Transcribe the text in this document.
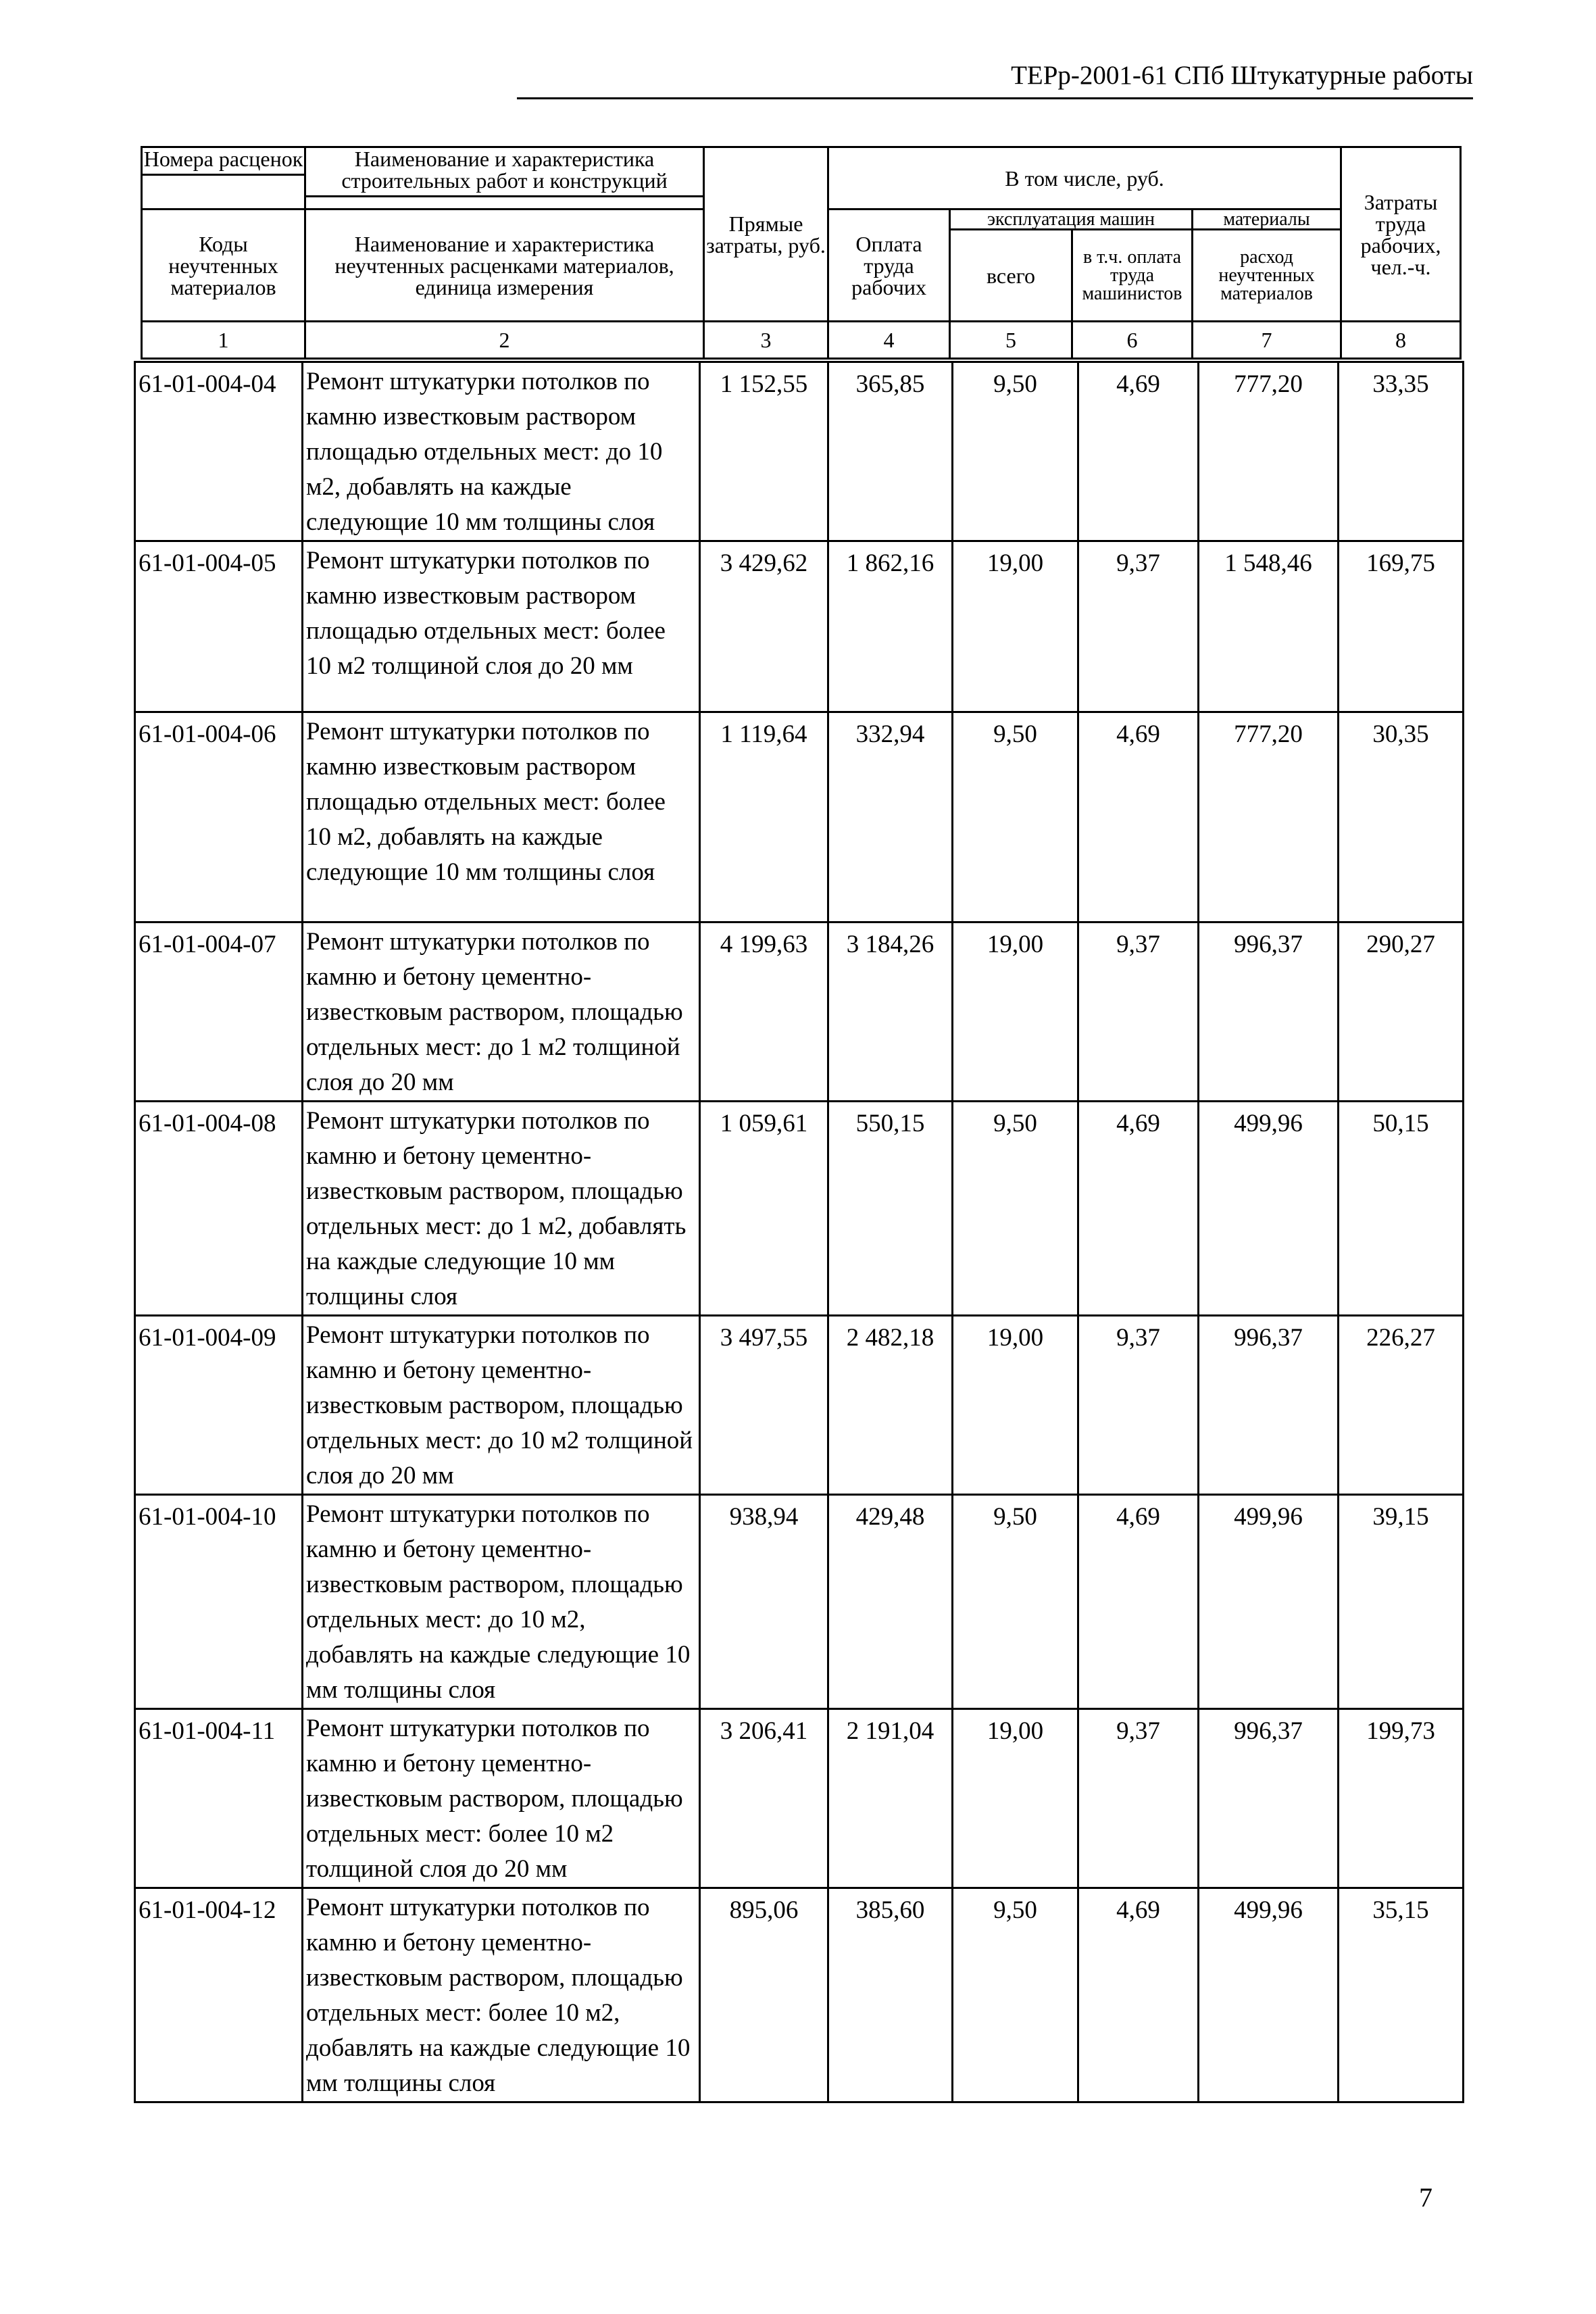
ТЕРр-2001-61 СПб Штукатурные работы
Номера расценок	Наименование и характеристика строительных работ и конструкций	Прямые затраты, руб.	В том числе, руб.				Затраты труда рабочих, чел.-ч.
Коды неучтенных материалов	Наименование и характеристика неучтенных расценками материалов, единица измерения		Оплата труда рабочих	эксплуатация машин		материалы	
				всего	в т.ч. оплата труда машинистов	расход неучтенных материалов	
1	2	3	4	5	6	7	8
61-01-004-04	Ремонт штукатурки потолков по камню известковым раствором площадью отдельных мест: до 10 м2, добавлять на каждые следующие 10 мм толщины слоя	1 152,55	365,85	9,50	4,69	777,20	33,35
61-01-004-05	Ремонт штукатурки потолков по камню известковым раствором площадью отдельных мест: более 10 м2 толщиной слоя до 20 мм	3 429,62	1 862,16	19,00	9,37	1 548,46	169,75
61-01-004-06	Ремонт штукатурки потолков по камню известковым раствором площадью отдельных мест: более 10 м2, добавлять на каждые следующие 10 мм толщины слоя	1 119,64	332,94	9,50	4,69	777,20	30,35
61-01-004-07	Ремонт штукатурки потолков по камню и бетону цементно-известковым раствором, площадью отдельных мест: до 1 м2 толщиной слоя до 20 мм	4 199,63	3 184,26	19,00	9,37	996,37	290,27
61-01-004-08	Ремонт штукатурки потолков по камню и бетону цементно-известковым раствором, площадью отдельных мест: до 1 м2, добавлять на каждые следующие 10 мм толщины слоя	1 059,61	550,15	9,50	4,69	499,96	50,15
61-01-004-09	Ремонт штукатурки потолков по камню и бетону цементно-известковым раствором, площадью отдельных мест: до 10 м2 толщиной слоя до 20 мм	3 497,55	2 482,18	19,00	9,37	996,37	226,27
61-01-004-10	Ремонт штукатурки потолков по камню и бетону цементно-известковым раствором, площадью отдельных мест: до 10 м2, добавлять на каждые следующие 10 мм толщины слоя	938,94	429,48	9,50	4,69	499,96	39,15
61-01-004-11	Ремонт штукатурки потолков по камню и бетону цементно-известковым раствором, площадью отдельных мест: более 10 м2 толщиной слоя до 20 мм	3 206,41	2 191,04	19,00	9,37	996,37	199,73
61-01-004-12	Ремонт штукатурки потолков по камню и бетону цементно-известковым раствором, площадью отдельных мест: более 10 м2, добавлять на каждые следующие 10 мм толщины слоя	895,06	385,60	9,50	4,69	499,96	35,15
7
